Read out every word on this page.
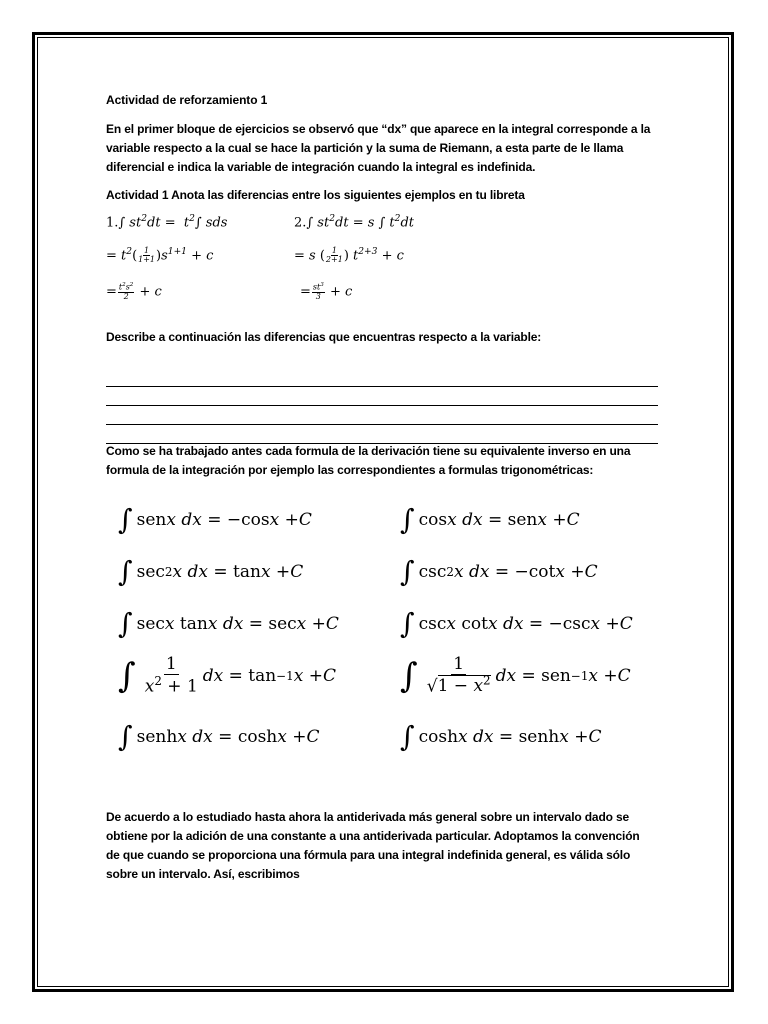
Actividad de reforzamiento 1
En el primer bloque de ejercicios se observó que “dx” que aparece en la integral corresponde a la
variable respecto a la cual se hace la partición y la suma de Riemann, a esta parte de le llama
diferencial e indica la variable de integración cuando la integral es indefinida.
Actividad 1 Anota las diferencias entre los siguientes ejemplos en tu libreta
1.∫ $st^2dt = t^2\int$ sds
= $t^2( \frac{1}{1+1} )s^{1+1} + c$
= $\frac{t^2s^2}{2} + c$
2.∫ $st^2dt = s$ ∫ $t^2dt$
= s ( $\frac{1}{2+1}$ ) $t^{2+3} + c$
= $\frac{st^3}{3} + c$
Describe a continuación las diferencias que encuentras respecto a la variable:
Como se ha trabajado antes cada formula de la derivación tiene su equivalente inverso en una
formula de la integración por ejemplo las correspondientes a formulas trigonométricas:
∫ sen x
dx = −cos x + C
∫ sec 2 x
dx = tan x + C
∫ sec x tan x
dx = sec x + C
∫ $\frac{1}{x^2 + 1}$ dx = tan −1 x + C
∫ senh x
dx = cosh x + C
∫ cos x
dx = sen x + C
∫ csc 2 x
dx = −cot x + C
∫ csc x cot x
dx = −csc x + C
∫ $\frac{1}{√1 - x^2}$ dx = sen −1 x + C
∫ cosh x
dx = senh x + C
De acuerdo a lo estudiado hasta ahora la antiderivada más general sobre un intervalo dado se
obtiene por la adición de una constante a una antiderivada particular. Adoptamos la convención
de que cuando se proporciona una fórmula para una integral indefinida general, es válida sólo
sobre un intervalo. Así, escribimos
